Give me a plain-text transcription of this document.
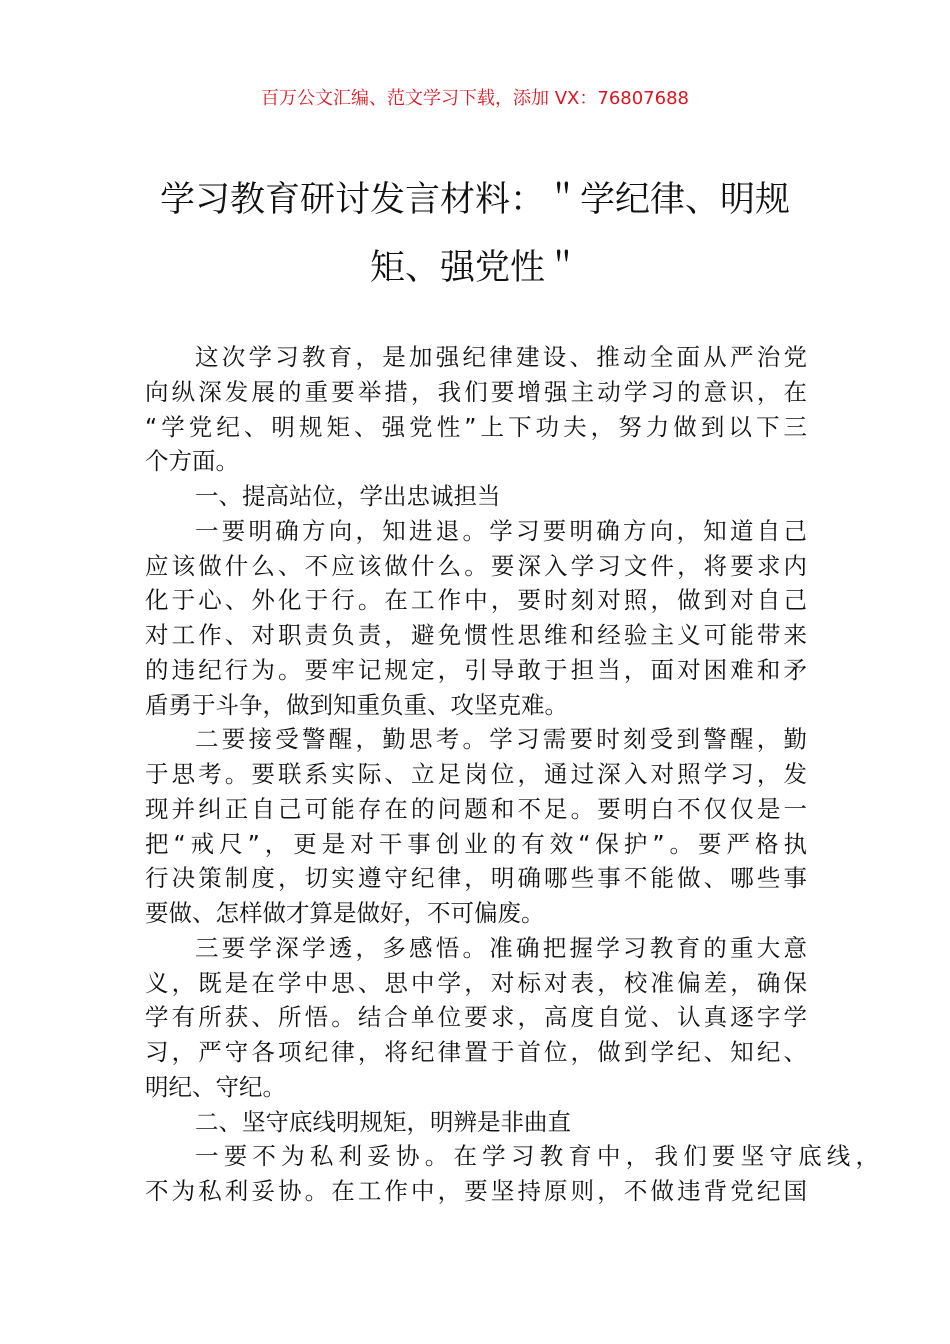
百万公文汇编、范文学习下载，添加 VX：76807688
学习教育研讨发言材料：＂学纪律、明规
矩、强党性＂
这次学习教育，是加强纪律建设、推动全面从严治党
向纵深发展的重要举措，我们要增强主动学习的意识，在
“学党纪、明规矩、强党性”上下功夫，努力做到以下三
个方面。
一、提高站位，学出忠诚担当
一要明确方向，知进退。学习要明确方向，知道自己
应该做什么、不应该做什么。要深入学习文件，将要求内
化于心、外化于行。在工作中，要时刻对照，做到对自己
对工作、对职责负责，避免惯性思维和经验主义可能带来
的违纪行为。要牢记规定，引导敢于担当，面对困难和矛
盾勇于斗争，做到知重负重、攻坚克难。
二要接受警醒，勤思考。学习需要时刻受到警醒，勤
于思考。要联系实际、立足岗位，通过深入对照学习，发
现并纠正自己可能存在的问题和不足。要明白不仅仅是一
把“戒尺”，更是对干事创业的有效“保护”。要严格执
行决策制度，切实遵守纪律，明确哪些事不能做、哪些事
要做、怎样做才算是做好，不可偏废。
三要学深学透，多感悟。准确把握学习教育的重大意
义，既是在学中思、思中学，对标对表，校准偏差，确保
学有所获、所悟。结合单位要求，高度自觉、认真逐字学
习，严守各项纪律，将纪律置于首位，做到学纪、知纪、
明纪、守纪。
二、坚守底线明规矩，明辨是非曲直
一要不为私利妥协。在学习教育中，我们要坚守底线，
不为私利妥协。在工作中，要坚持原则，不做违背党纪国
